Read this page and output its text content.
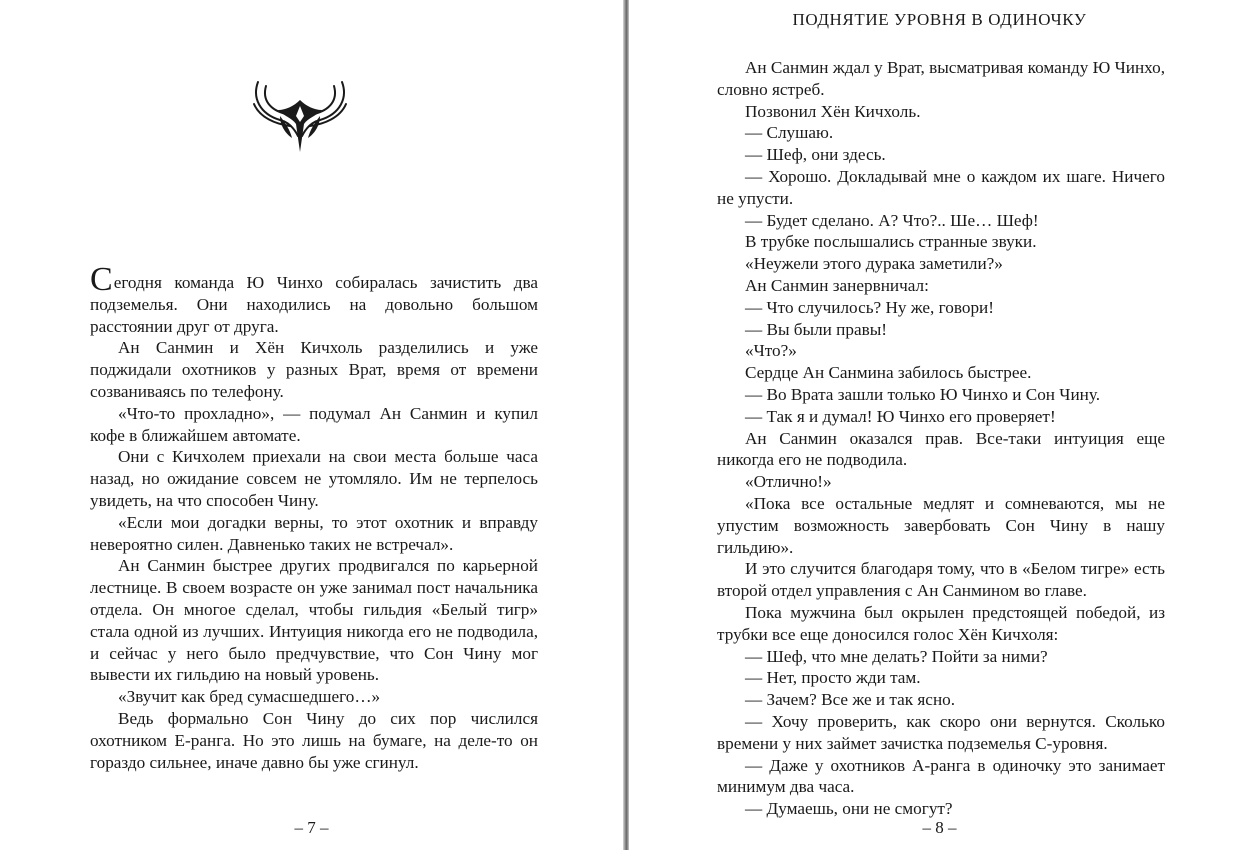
Сегодня команда Ю Чинхо собиралась зачистить два подземелья. Они находились на довольно большом расстоянии друг от друга.

Ан Санмин и Хён Кичхоль разделились и уже поджидали охотников у разных Врат, время от времени созваниваясь по телефону.

«Что-то прохладно», — подумал Ан Санмин и купил кофе в ближайшем автомате.

Они с Кичхолем приехали на свои места больше часа назад, но ожидание совсем не утомляло. Им не терпелось увидеть, на что способен Чину.

«Если мои догадки верны, то этот охотник и вправду невероятно силен. Давненько таких не встречал».

Ан Санмин быстрее других продвигался по карьерной лестнице. В своем возрасте он уже занимал пост начальника отдела. Он многое сделал, чтобы гильдия «Белый тигр» стала одной из лучших. Интуиция никогда его не подводила, и сейчас у него было предчувствие, что Сон Чину мог вывести их гильдию на новый уровень.

«Звучит как бред сумасшедшего…»

Ведь формально Сон Чину до сих пор числился охотником Е-ранга. Но это лишь на бумаге, на деле-то он гораздо сильнее, иначе давно бы уже сгинул.

– 7 –
ПОДНЯТИЕ УРОВНЯ В ОДИНОЧКУ

Ан Санмин ждал у Врат, высматривая команду Ю Чинхо, словно ястреб.

Позвонил Хён Кичхоль.

— Слушаю.

— Шеф, они здесь.

— Хорошо. Докладывай мне о каждом их шаге. Ничего не упусти.

— Будет сделано. А? Что?.. Ше… Шеф!

В трубке послышались странные звуки.

«Неужели этого дурака заметили?»

Ан Санмин занервничал:

— Что случилось? Ну же, говори!

— Вы были правы!

«Что?»

Сердце Ан Санмина забилось быстрее.

— Во Врата зашли только Ю Чинхо и Сон Чину.

— Так я и думал! Ю Чинхо его проверяет!

Ан Санмин оказался прав. Все-таки интуиция еще никогда его не подводила.

«Отлично!»

«Пока все остальные медлят и сомневаются, мы не упустим возможность завербовать Сон Чину в нашу гильдию».

И это случится благодаря тому, что в «Белом тигре» есть второй отдел управления с Ан Санмином во главе.

Пока мужчина был окрылен предстоящей победой, из трубки все еще доносился голос Хён Кичхоля:

— Шеф, что мне делать? Пойти за ними?

— Нет, просто жди там.

— Зачем? Все же и так ясно.

— Хочу проверить, как скоро они вернутся. Сколько времени у них займет зачистка подземелья С-уровня.

— Даже у охотников А-ранга в одиночку это занимает минимум два часа.

— Думаешь, они не смогут?

– 8 –
